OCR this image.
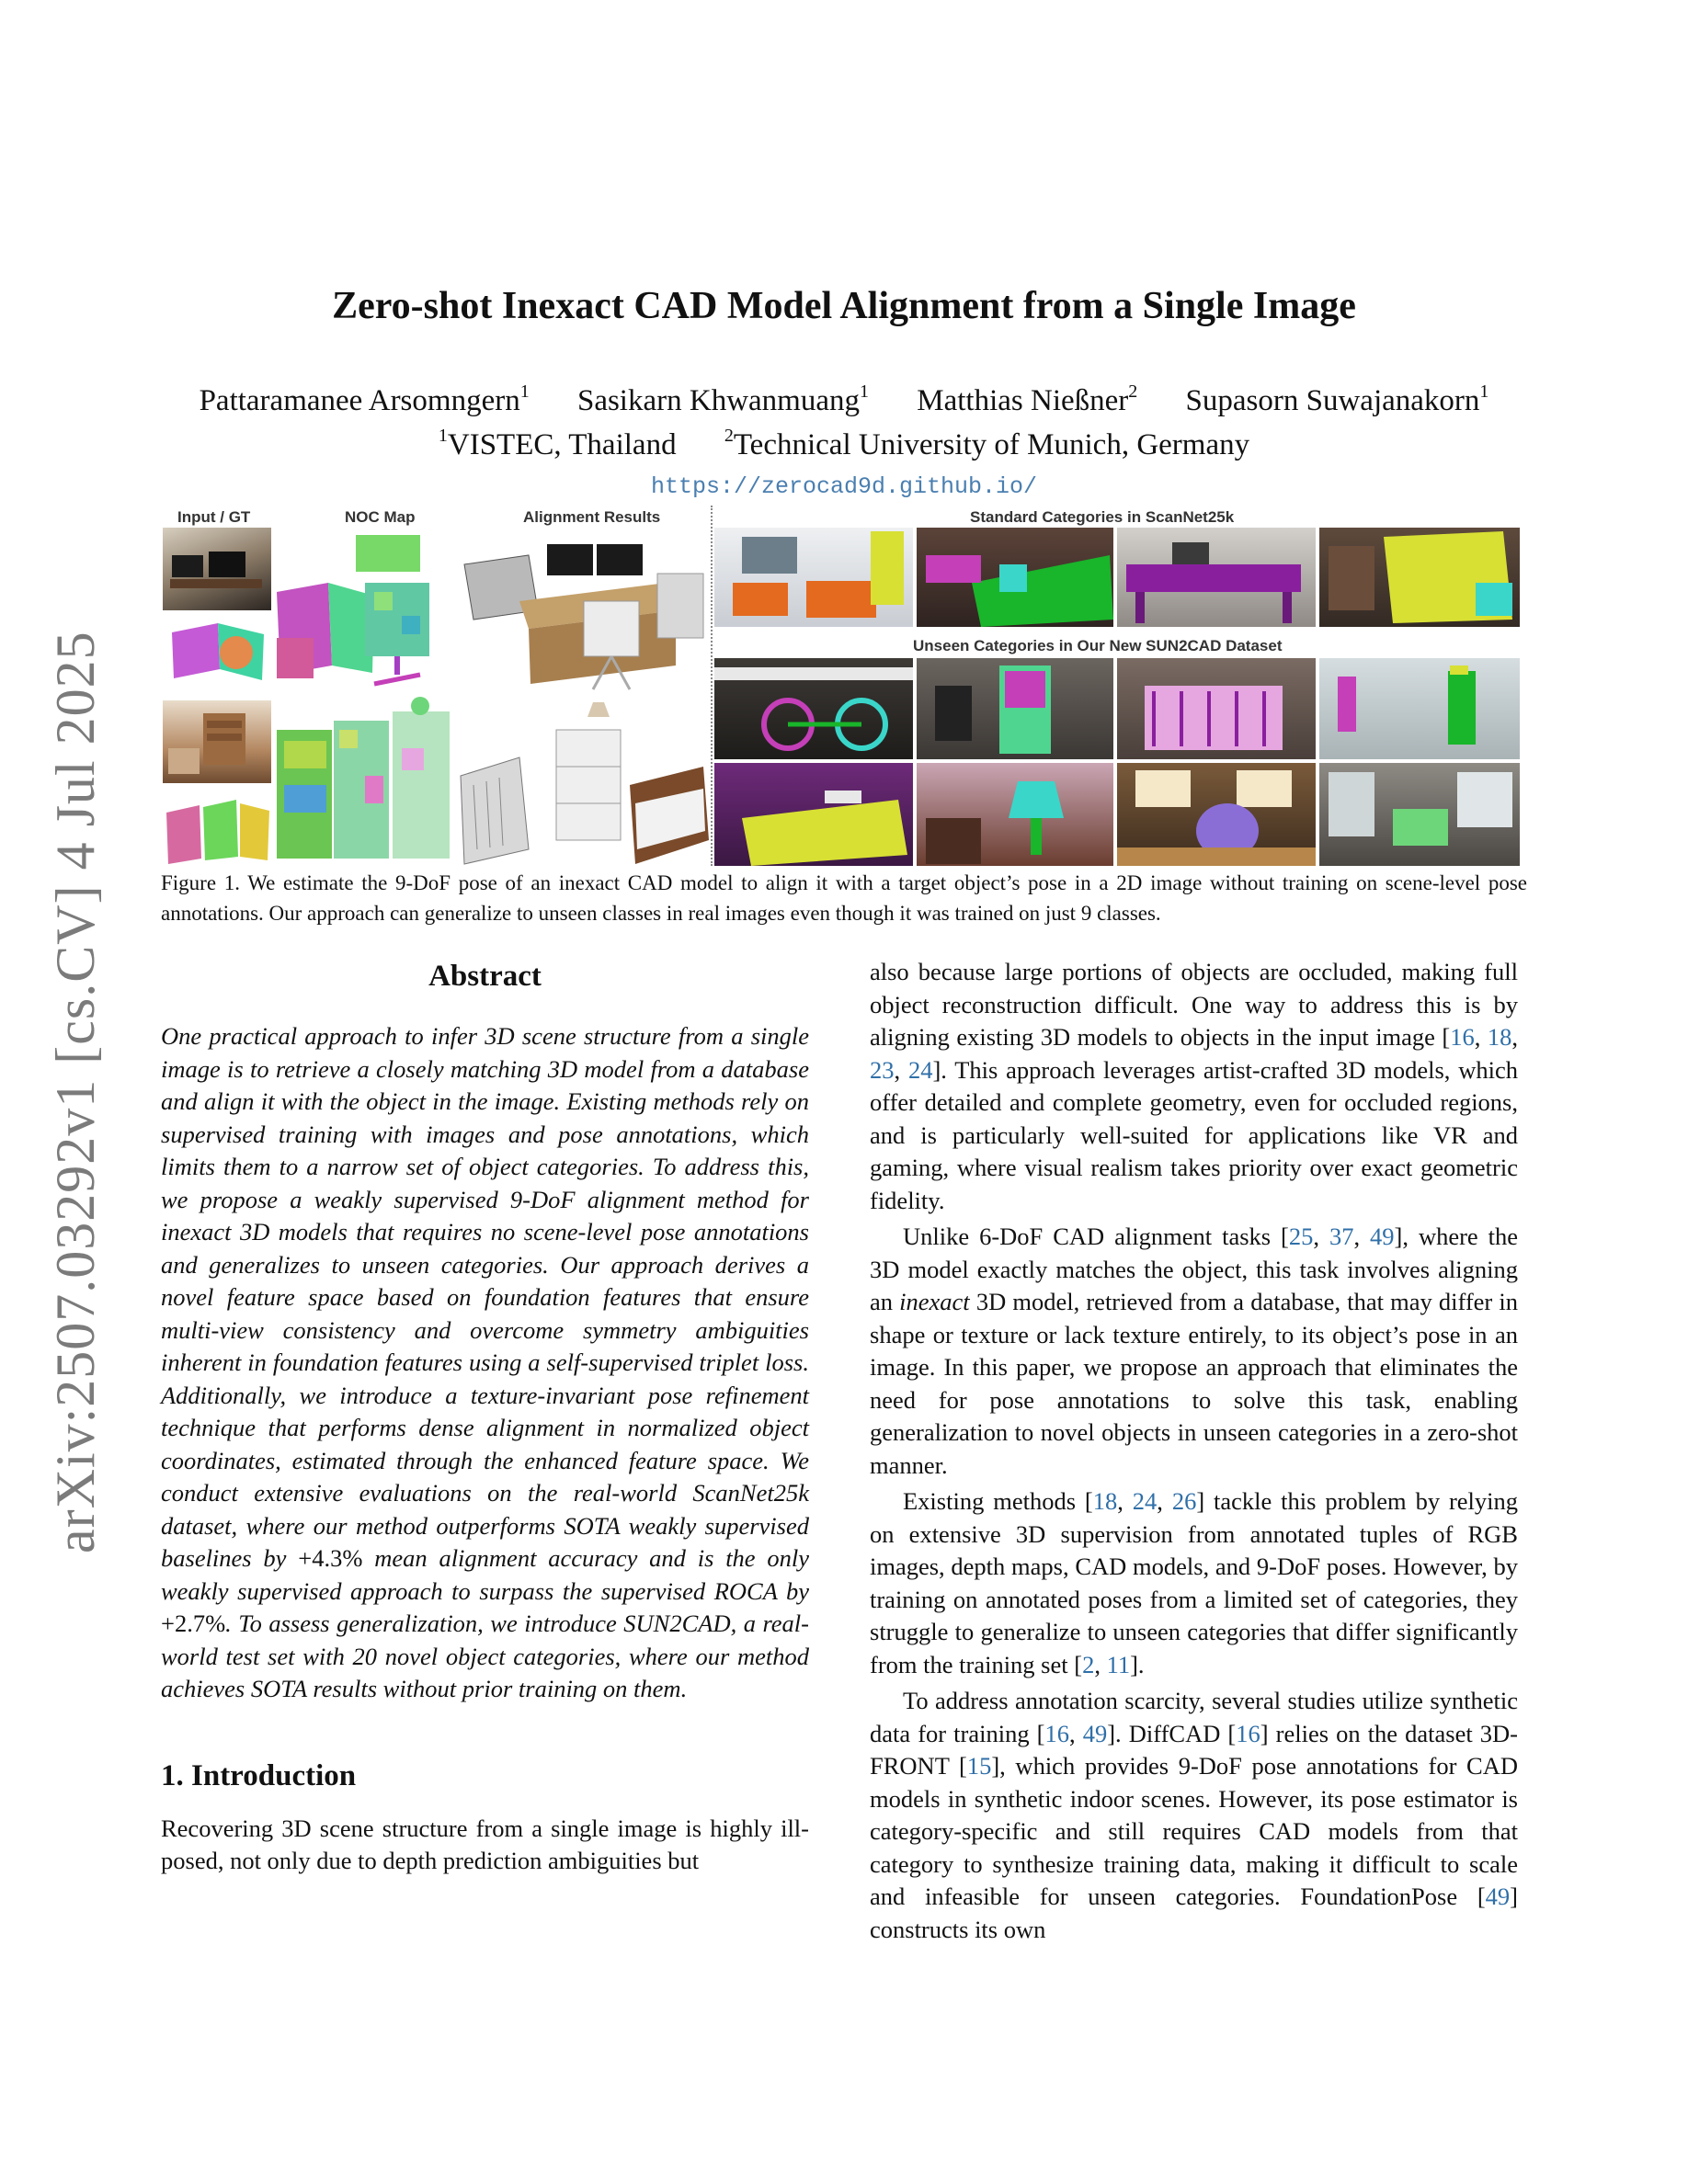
arXiv:2507.03292v1 [cs.CV] 4 Jul 2025
Zero-shot Inexact CAD Model Alignment from a Single Image
Pattaramanee Arsomngern$^1$ Sasikarn Khwanmuang$^1$ Matthias Nießner$^2$ Supasorn Suwajanakorn$^1$
$^1$VISTEC, Thailand	$^2$Technical University of Munich, Germany
https://zerocad9d.github.io/
Input / GT	NOC Map	Alignment Results	Standard Categories in ScanNet25k
Unseen Categories in Our New SUN2CAD Dataset
Figure 1. We estimate the 9-DoF pose of an inexact CAD model to align it with a target object’s pose in a 2D image without training on scene-level pose annotations. Our approach can generalize to unseen classes in real images even though it was trained on just 9 classes.
Abstract

One practical approach to infer 3D scene structure from a single image is to retrieve a closely matching 3D model from a database and align it with the object in the image. Existing methods rely on supervised training with images and pose annotations, which limits them to a narrow set of object categories. To address this, we propose a weakly supervised 9-DoF alignment method for inexact 3D models that requires no scene-level pose annotations and generalizes to unseen categories. Our approach derives a novel feature space based on foundation features that ensure multi-view consistency and overcome symmetry ambiguities inherent in foundation features using a self-supervised triplet loss. Additionally, we introduce a texture-invariant pose refinement technique that performs dense alignment in normalized object coordinates, estimated through the enhanced feature space. We conduct extensive evaluations on the real-world ScanNet25k dataset, where our method outperforms SOTA weakly supervised baselines by +4.3% mean alignment accuracy and is the only weakly supervised approach to surpass the supervised ROCA by +2.7%. To assess generalization, we introduce SUN2CAD, a real-world test set with 20 novel object categories, where our method achieves SOTA results without prior training on them.

1. Introduction

Recovering 3D scene structure from a single image is highly ill-posed, not only due to depth prediction ambiguities but

also because large portions of objects are occluded, making full object reconstruction difficult. One way to address this is by aligning existing 3D models to objects in the input image [16, 18, 23, 24]. This approach leverages artist-crafted 3D models, which offer detailed and complete geometry, even for occluded regions, and is particularly well-suited for applications like VR and gaming, where visual realism takes priority over exact geometric fidelity.

Unlike 6-DoF CAD alignment tasks [25, 37, 49], where the 3D model exactly matches the object, this task involves aligning an inexact 3D model, retrieved from a database, that may differ in shape or texture or lack texture entirely, to its object’s pose in an image. In this paper, we propose an approach that eliminates the need for pose annotations to solve this task, enabling generalization to novel objects in unseen categories in a zero-shot manner.

Existing methods [18, 24, 26] tackle this problem by relying on extensive 3D supervision from annotated tuples of RGB images, depth maps, CAD models, and 9-DoF poses. However, by training on annotated poses from a limited set of categories, they struggle to generalize to unseen categories that differ significantly from the training set [2, 11].

To address annotation scarcity, several studies utilize synthetic data for training [16, 49]. DiffCAD [16] relies on the dataset 3D-FRONT [15], which provides 9-DoF pose annotations for CAD models in synthetic indoor scenes. However, its pose estimator is category-specific and still requires CAD models from that category to synthesize training data, making it difficult to scale and infeasible for unseen categories. FoundationPose [49] constructs its own
